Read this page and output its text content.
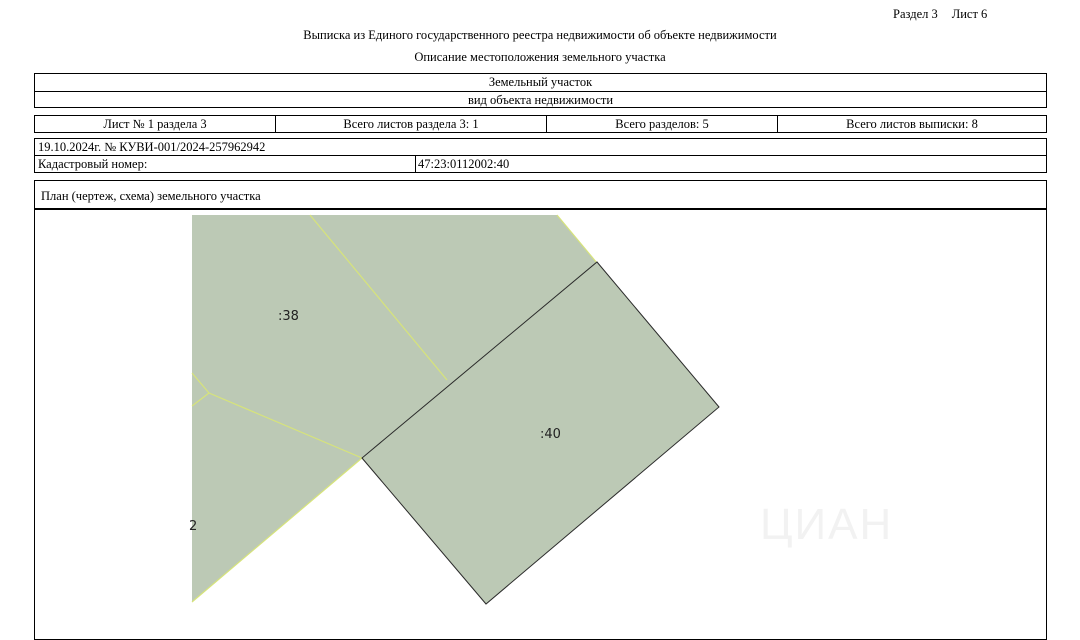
Раздел 3 Лист 6
Выписка из Единого государственного реестра недвижимости об объекте недвижимости
Описание местоположения земельного участка
Земельный участок
вид объекта недвижимости
Лист № 1 раздела 3	Всего листов раздела 3: 1	Всего разделов: 5	Всего листов выписки: 8
19.10.2024г. № КУВИ-001/2024-257962942
Кадастровый номер:	47:23:0112002:40
План (чертеж, схема) земельного участка
ЦИАН
:38
:40
2
